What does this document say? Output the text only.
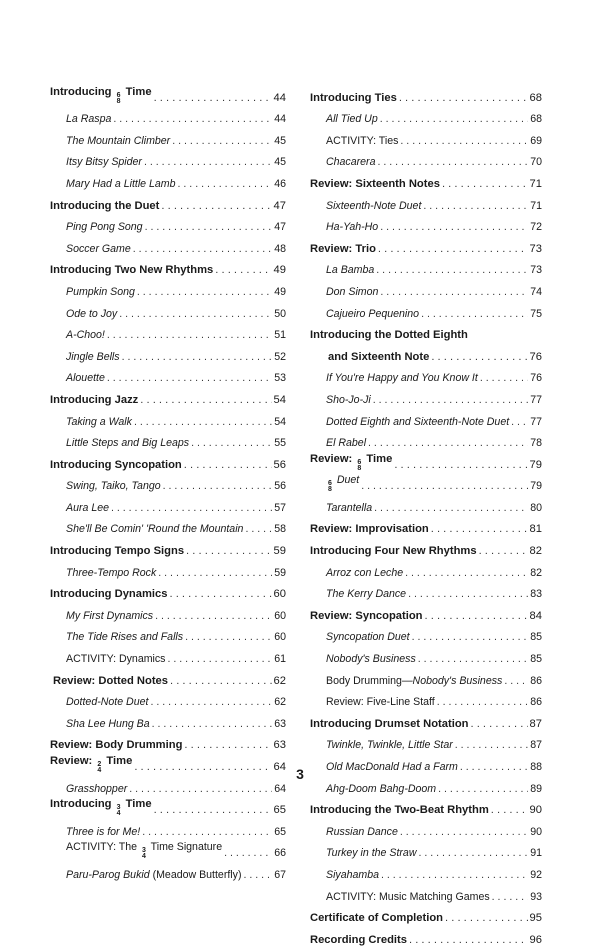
Introducing 6
8
Time . . .	44
La Raspa . . .	44
The Mountain Climber . . .	45
Itsy Bitsy Spider . . .	45
Mary Had a Little Lamb . . .	46
Introducing the Duet . . .	47
Ping Pong Song . . .	47
Soccer Game . . .	48
Introducing Two New Rhythms . . .	49
Pumpkin Song . . .	49
Ode to Joy . . .	50
A-Choo! . . .	51
Jingle Bells . . .	52
Alouette . . .	53
Introducing Jazz . . .	54
Taking a Walk . . .	54
Little Steps and Big Leaps . . .	55
Introducing Syncopation . . .	56
Swing, Taiko, Tango . . .	56
Aura Lee . . .	57
She'll Be Comin' 'Round the Mountain . . .	58
Introducing Tempo Signs . . .	59
Three-Tempo Rock . . .	59
Introducing Dynamics . . .	60
My First Dynamics . . .	60
The Tide Rises and Falls . . .	60
ACTIVITY: Dynamics . . .	61
Review: Dotted Notes . . .	62
Dotted-Note Duet . . .	62
Sha Lee Hung Ba . . .	63
Review: Body Drumming . . .	63
Review: 2
4
Time . . .	64
Grasshopper . . .	64
Introducing 3
4
Time . . .	65
Three is for Me! . . .	65
ACTIVITY: The 3
4
Time Signature . . .	66
Paru-Parog Bukid (Meadow Butterfly) . . .	67
Introducing Ties . . .	68
All Tied Up . . .	68
ACTIVITY: Ties . . .	69
Chacarera . . .	70
Review: Sixteenth Notes . . .	71
Sixteenth-Note Duet . . .	71
Ha-Yah-Ho . . .	72
Review: Trio . . .	73
La Bamba . . .	73
Don Simon . . .	74
Cajueiro Pequenino . . .	75
Introducing the Dotted Eighth
and Sixteenth Note . . .	76
If You're Happy and You Know It . . .	76
Sho-Jo-Ji . . .	77
Dotted Eighth and Sixteenth-Note Duet . . . 77
El Rabel . . .	78
Review: 6
8
Time . . .	79
6
8
Duet . . .	79
Tarantella . . .	80
Review: Improvisation . . .	81
Introducing Four New Rhythms . . .	82
Arroz con Leche . . .	82
The Kerry Dance . . .	83
Review: Syncopation . . .	84
Syncopation Duet . . .	85
Nobody's Business . . .	85
Body Drumming—Nobody's Business . . .	86
Review: Five-Line Staff . . .	86
Introducing Drumset Notation . . .	87
Twinkle, Twinkle, Little Star . . .	87
Old MacDonald Had a Farm . . .	88
Ahg-Doom Bahg-Doom . . .	89
Introducing the Two-Beat Rhythm . . .	90
Russian Dance . . .	90
Turkey in the Straw . . .	91
Siyahamba . . .	92
ACTIVITY: Music Matching Games . . .	93
Certificate of Completion . . .	95
Recording Credits . . .	96
3
